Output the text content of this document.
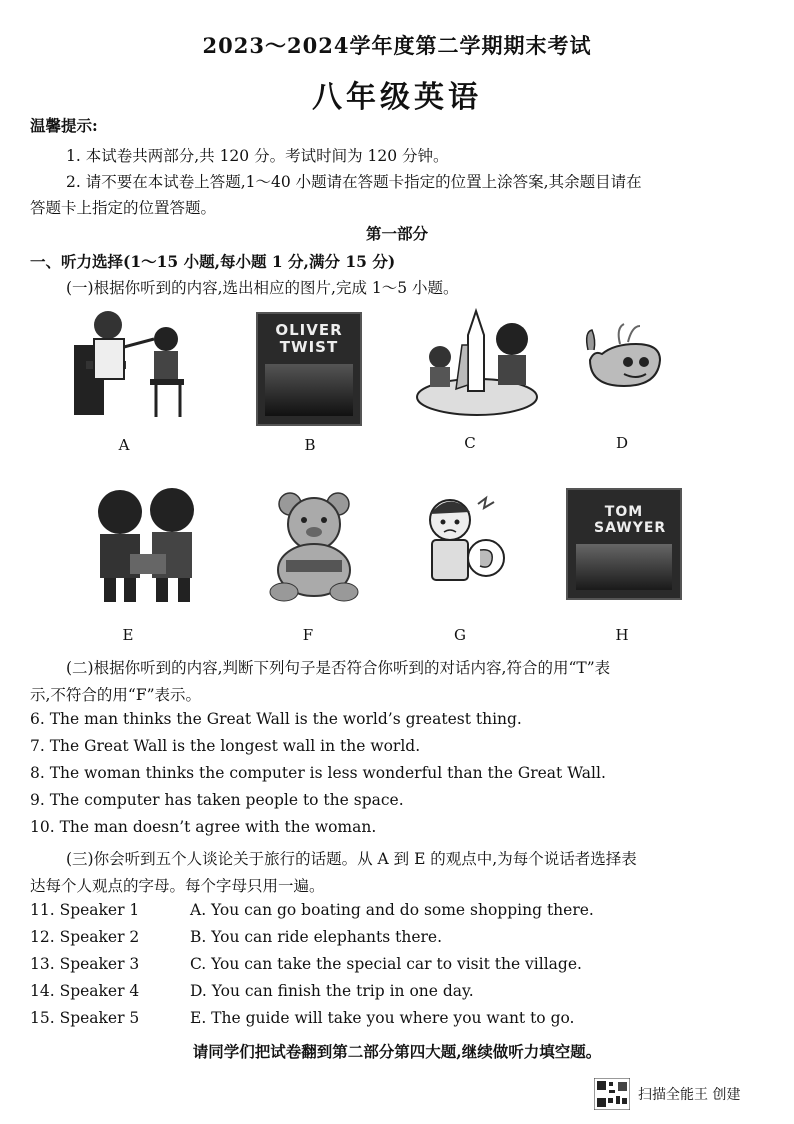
2023～2024学年度第二学期期末考试
八年级英语
温馨提示:
1. 本试卷共两部分,共 120 分。考试时间为 120 分钟。
2. 请不要在本试卷上答题,1～40 小题请在答题卡指定的位置上涂答案,其余题目请在
答题卡上指定的位置答题。
第一部分
一、听力选择(1～15 小题,每小题 1 分,满分 15 分)
(一)根据你听到的内容,选出相应的图片,完成 1～5 小题。
A
OLIVER TWIST
B	C	D
E	F	G
TOM SAWYER
H
(二)根据你听到的内容,判断下列句子是否符合你听到的对话内容,符合的用“T”表
示,不符合的用“F”表示。
6. The man thinks the Great Wall is the world’s greatest thing.
7. The Great Wall is the longest wall in the world.
8. The woman thinks the computer is less wonderful than the Great Wall.
9. The computer has taken people to the space.
10. The man doesn’t agree with the woman.
(三)你会听到五个人谈论关于旅行的话题。从 A 到 E 的观点中,为每个说话者选择表
达每个人观点的字母。每个字母只用一遍。
11. Speaker 1	A. You can go boating and do some shopping there.
12. Speaker 2	B. You can ride elephants there.
13. Speaker 3	C. You can take the special car to visit the village.
14. Speaker 4	D. You can finish the trip in one day.
15. Speaker 5	E. The guide will take you where you want to go.
请同学们把试卷翻到第二部分第四大题,继续做听力填空题。
扫描全能王 创建
